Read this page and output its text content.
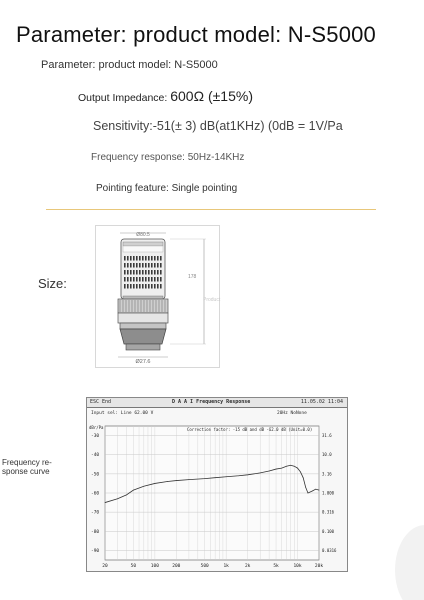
Parameter: product model: N-S5000
Parameter: product model: N-S5000
Output Impedance: 600Ω (±15%)
Sensitivity:-51(± 3) dB(at1KHz) (0dB = 1V/Pa
Frequency response: 50Hz-14KHz
Pointing feature: Single pointing
Size:
Ø80.5
178
Product
Ø27.6
Frequency re-
sponse curve
ESC End	D A A I Frequency Response	11.05.02 11:04
Input sel: Line 62.00 V	20Hz NoNone
dBr/Pa	Correction factor: -15 dB and dB -62.0 dB (Unit=0.0)
-30	31.6
-40	10.0
-50	3.16
-60	1.000
-70	0.316
-80	0.100
-90	0.0316
20	50	100	200	500	1k	2k	5k	10k	20k
